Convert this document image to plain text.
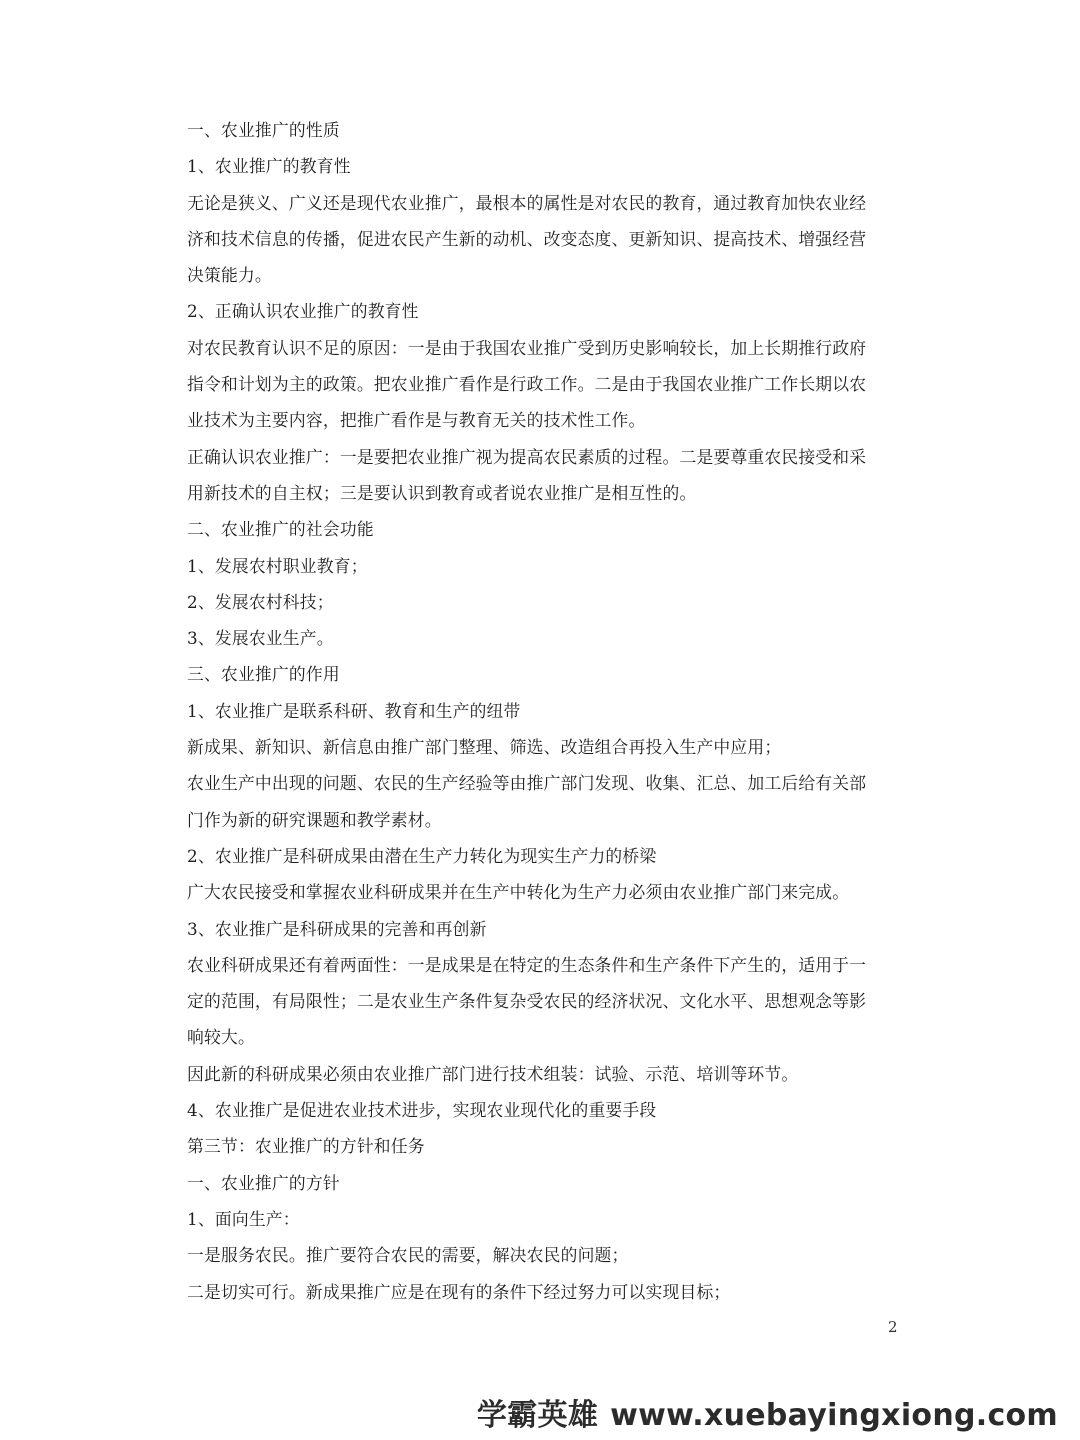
一、农业推广的性质
1、农业推广的教育性
无论是狭义、广义还是现代农业推广，最根本的属性是对农民的教育，通过教育加快农业经
济和技术信息的传播，促进农民产生新的动机、改变态度、更新知识、提高技术、增强经营
决策能力。
2、正确认识农业推广的教育性
对农民教育认识不足的原因：一是由于我国农业推广受到历史影响较长，加上长期推行政府
指令和计划为主的政策。把农业推广看作是行政工作。二是由于我国农业推广工作长期以农
业技术为主要内容，把推广看作是与教育无关的技术性工作。
正确认识农业推广：一是要把农业推广视为提高农民素质的过程。二是要尊重农民接受和采
用新技术的自主权；三是要认识到教育或者说农业推广是相互性的。
二、农业推广的社会功能
1、发展农村职业教育；
2、发展农村科技；
3、发展农业生产。
三、农业推广的作用
1、农业推广是联系科研、教育和生产的纽带
新成果、新知识、新信息由推广部门整理、筛选、改造组合再投入生产中应用；
农业生产中出现的问题、农民的生产经验等由推广部门发现、收集、汇总、加工后给有关部
门作为新的研究课题和教学素材。
2、农业推广是科研成果由潜在生产力转化为现实生产力的桥梁
广大农民接受和掌握农业科研成果并在生产中转化为生产力必须由农业推广部门来完成。
3、农业推广是科研成果的完善和再创新
农业科研成果还有着两面性：一是成果是在特定的生态条件和生产条件下产生的，适用于一
定的范围，有局限性；二是农业生产条件复杂受农民的经济状况、文化水平、思想观念等影
响较大。
因此新的科研成果必须由农业推广部门进行技术组装：试验、示范、培训等环节。
4、农业推广是促进农业技术进步，实现农业现代化的重要手段
第三节：农业推广的方针和任务
一、农业推广的方针
1、面向生产：
一是服务农民。推广要符合农民的需要，解决农民的问题；
二是切实可行。新成果推广应是在现有的条件下经过努力可以实现目标；
2
学霸英雄 www.xuebayingxiong.com
